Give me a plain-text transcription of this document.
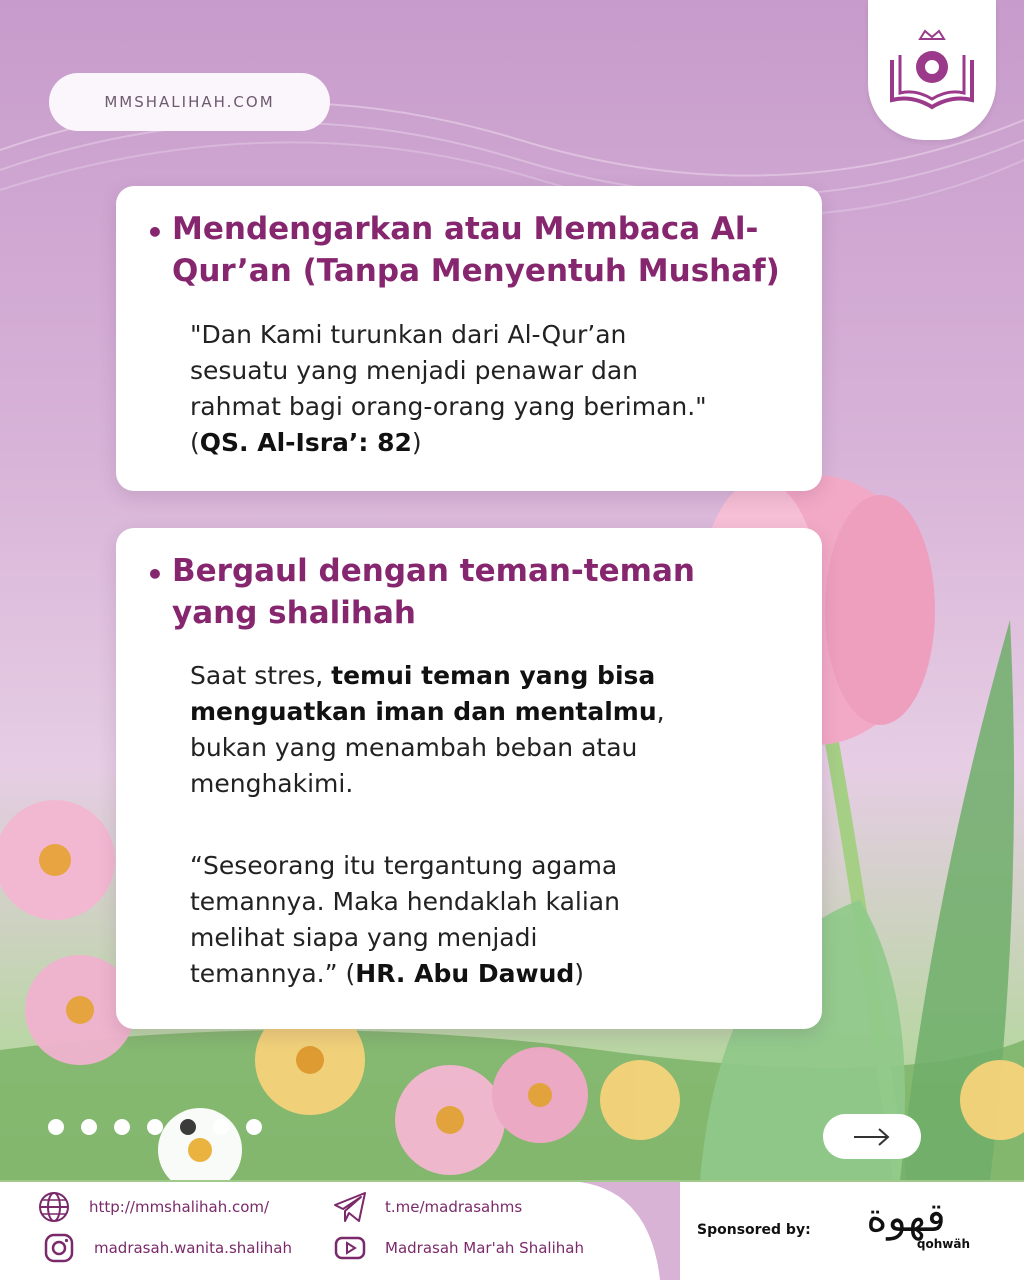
MMSHALIHAH.COM
• Mendengarkan atau Membaca Al-
Qur’an (Tanpa Menyentuh Mushaf)
"Dan Kami turunkan dari Al-Qur’an
sesuatu yang menjadi penawar dan
rahmat bagi orang-orang yang beriman."
(QS. Al-Isra’: 82)
• Bergaul dengan teman-teman
yang shalihah
Saat stres, temui teman yang bisa
menguatkan iman dan mentalmu,
bukan yang menambah beban atau
menghakimi.
“Seseorang itu tergantung agama
temannya. Maka hendaklah kalian
melihat siapa yang menjadi
temannya.” (HR. Abu Dawud)
http://mmshalihah.com/
madrasah.wanita.shalihah
t.me/madrasahms
Madrasah Mar'ah Shalihah
Sponsored by:	قهوة
qohwäh
